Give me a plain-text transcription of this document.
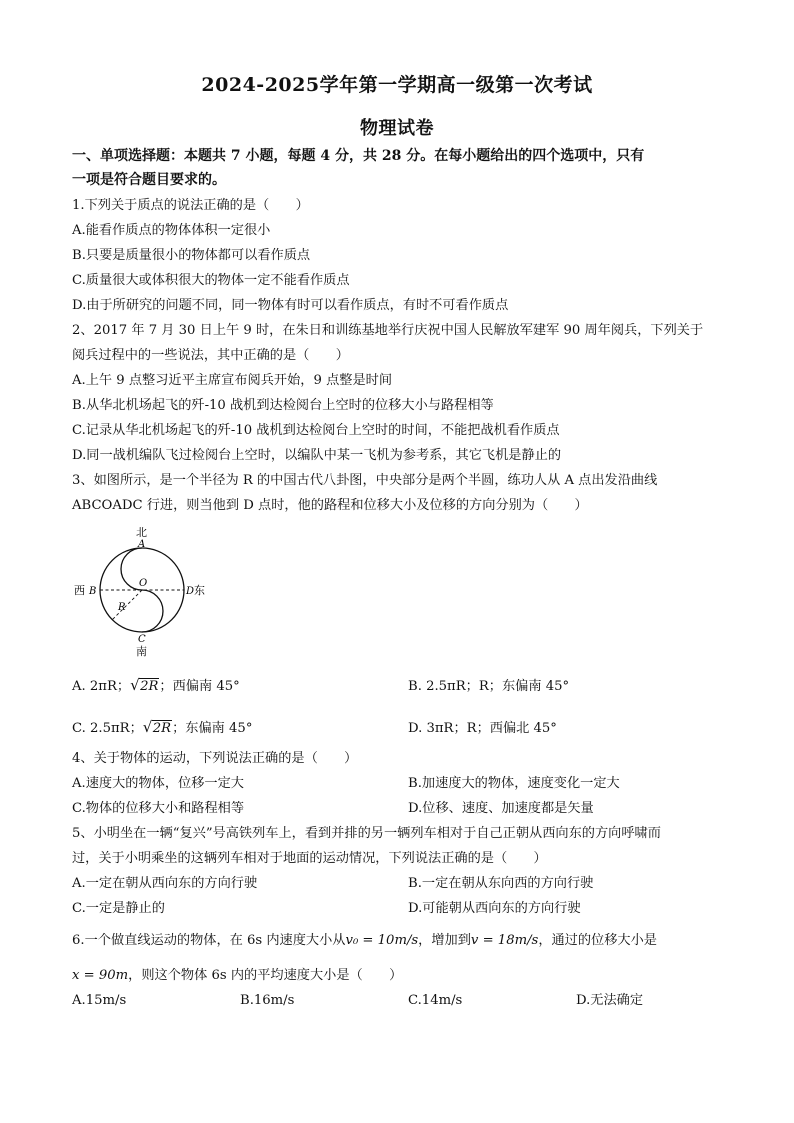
2024-2025学年第一学期高一级第一次考试
物理试卷
一、单项选择题：本题共 7 小题，每题 4 分，共 28 分。在每小题给出的四个选项中，只有
一项是符合题目要求的。
1.下列关于质点的说法正确的是（　　）
A.能看作质点的物体体积一定很小
B.只要是质量很小的物体都可以看作质点
C.质量很大或体积很大的物体一定不能看作质点
D.由于所研究的问题不同，同一物体有时可以看作质点，有时不可看作质点
2、2017 年 7 月 30 日上午 9 时，在朱日和训练基地举行庆祝中国人民解放军建军 90 周年阅兵，下列关于
阅兵过程中的一些说法，其中正确的是（　　）
A.上午 9 点整习近平主席宣布阅兵开始，9 点整是时间
B.从华北机场起飞的歼-10 战机到达检阅台上空时的位移大小与路程相等
C.记录从华北机场起飞的歼-10 战机到达检阅台上空时的时间，不能把战机看作质点
D.同一战机编队飞过检阅台上空时，以编队中某一飞机为参考系，其它飞机是静止的
3、如图所示，是一个半径为 R 的中国古代八卦图，中央部分是两个半圆，练功人从 A 点出发沿曲线
ABCOADC 行进，则当他到 D 点时，他的路程和位移大小及位移的方向分别为（　　）
北
A
西 B
O
D 东
R
C
南
A. 2πR； √ 2R；西偏南 45°	B. 2.5πR；R；东偏南 45°
C. 2.5πR； √ 2R；东偏南 45°	D. 3πR；R；西偏北 45°
4、关于物体的运动，下列说法正确的是（　　）
A.速度大的物体，位移一定大	B.加速度大的物体，速度变化一定大
C.物体的位移大小和路程相等	D.位移、速度、加速度都是矢量
5、小明坐在一辆“复兴”号高铁列车上，看到并排的另一辆列车相对于自己正朝从西向东的方向呼啸而
过，关于小明乘坐的这辆列车相对于地面的运动情况，下列说法正确的是（　　）
A.一定在朝从西向东的方向行驶	B.一定在朝从东向西的方向行驶
C.一定是静止的	D.可能朝从西向东的方向行驶
6.一个做直线运动的物体，在 6s 内速度大小从v₀ = 10m/s，增加到v = 18m/s，通过的位移大小是
x = 90m，则这个物体 6s 内的平均速度大小是（　　）
A.15m/s	B.16m/s	C.14m/s	D.无法确定
